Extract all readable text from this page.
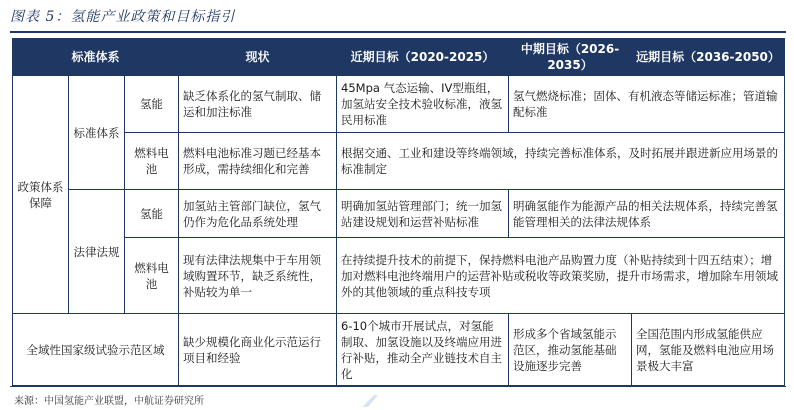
图表 5：氢能产业政策和目标指引
标准体系			现状	近期目标（2020-2025）	中期目标（2026-2035）	远期目标（2036-2050）
政策体系保障	标准体系	氢能	缺乏体系化的氢气制取、储运和加注标准	45Mpa 气态运输、IV型瓶组，加氢站安全技术验收标准，液氢民用标准	氢气燃烧标准；固体、有机液态等储运标准；管道输配标准	
		燃料电池	燃料电池标准习题已经基本形成，需持续细化和完善	根据交通、工业和建设等终端领域，持续完善标准体系，及时拓展并跟进新应用场景的标准制定		
	法律法规	氢能	加氢站主管部门缺位，氢气仍作为危化品系统处理	明确加氢站管理部门；统一加氢站建设规划和运营补贴标准	明确氢能作为能源产品的相关法规体系，持续完善氢能管理相关的法律法规体系	
		燃料电池	现有法律法规集中于车用领域购置环节，缺乏系统性，补贴较为单一	在持续提升技术的前提下，保持燃料电池产品购置力度（补贴持续到十四五结束）；增加对燃料电池终端用户的运营补贴或税收等政策奖励，提升市场需求，增加除车用领域外的其他领域的重点科技专项		
全域性国家级试验示范区域			缺少规模化商业化示范运行项目和经验	6-10个城市开展试点，对氢能制取、加氢设施以及终端应用进行补贴，推动全产业链技术自主化	形成多个省域氢能示范区，推动氢能基础设施逐步完善	全国范围内形成氢能供应网，氢能及燃料电池应用场景极大丰富
来源：中国氢能产业联盟，中航证券研究所
